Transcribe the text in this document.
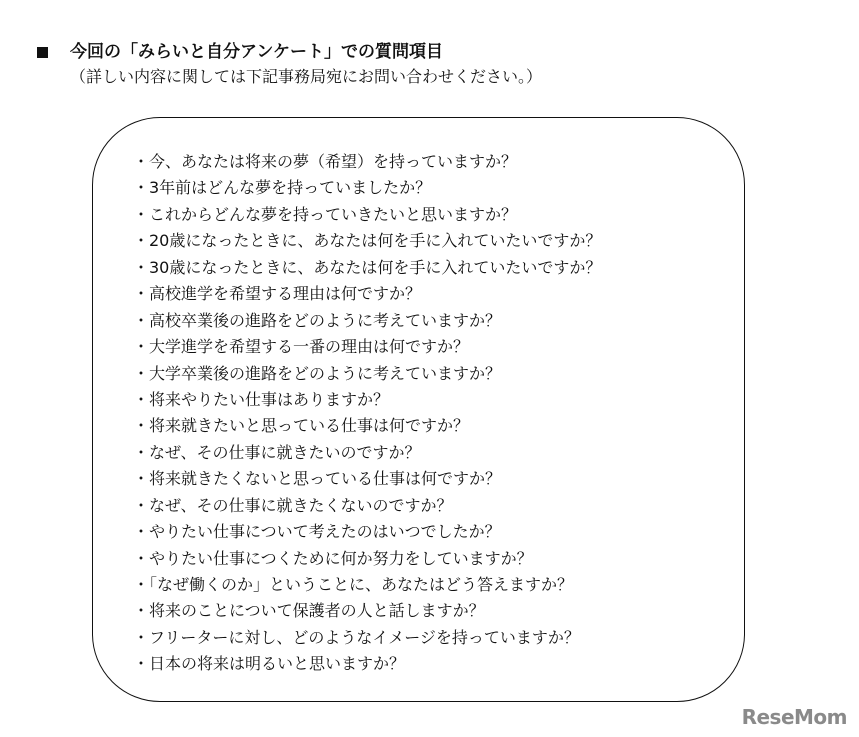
今回の「みらいと自分アンケート」での質問項目
（詳しい内容に関しては下記事務局宛にお問い合わせください。）
・今、あなたは将来の夢（希望）を持っていますか？
・3年前はどんな夢を持っていましたか？
・これからどんな夢を持っていきたいと思いますか？
・20歳になったときに、あなたは何を手に入れていたいですか？
・30歳になったときに、あなたは何を手に入れていたいですか？
・高校進学を希望する理由は何ですか？
・高校卒業後の進路をどのように考えていますか？
・大学進学を希望する一番の理由は何ですか？
・大学卒業後の進路をどのように考えていますか？
・将来やりたい仕事はありますか？
・将来就きたいと思っている仕事は何ですか？
・なぜ、その仕事に就きたいのですか？
・将来就きたくないと思っている仕事は何ですか？
・なぜ、その仕事に就きたくないのですか？
・やりたい仕事について考えたのはいつでしたか？
・やりたい仕事につくために何か努力をしていますか？
・「なぜ働くのか」ということに、あなたはどう答えますか？
・将来のことについて保護者の人と話しますか？
・フリーターに対し、どのようなイメージを持っていますか？
・日本の将来は明るいと思いますか？
ReseMom
